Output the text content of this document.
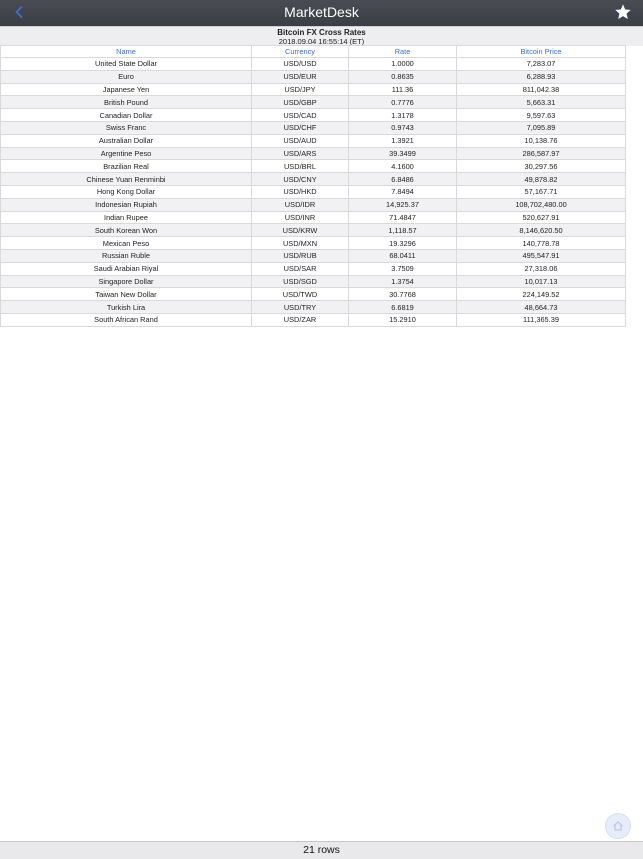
MarketDesk
Bitcoin FX Cross Rates
2018.09.04 16:55:14 (ET)
Name	Currency	Rate	Bitcoin Price
United State Dollar	USD/USD	1.0000	7,283.07
Euro	USD/EUR	0.8635	6,288.93
Japanese Yen	USD/JPY	111.36	811,042.38
British Pound	USD/GBP	0.7776	5,663.31
Canadian Dollar	USD/CAD	1.3178	9,597.63
Swiss Franc	USD/CHF	0.9743	7,095.89
Australian Dollar	USD/AUD	1.3921	10,138.76
Argentine Peso	USD/ARS	39.3499	286,587.97
Brazilian Real	USD/BRL	4.1600	30,297.56
Chinese Yuan Renminbi	USD/CNY	6.8486	49,878.82
Hong Kong Dollar	USD/HKD	7.8494	57,167.71
Indonesian Rupiah	USD/IDR	14,925.37	108,702,480.00
Indian Rupee	USD/INR	71.4847	520,627.91
South Korean Won	USD/KRW	1,118.57	8,146,620.50
Mexican Peso	USD/MXN	19.3296	140,778.78
Russian Ruble	USD/RUB	68.0411	495,547.91
Saudi Arabian Riyal	USD/SAR	3.7509	27,318.06
Singapore Dollar	USD/SGD	1.3754	10,017.13
Taiwan New Dollar	USD/TWD	30.7768	224,149.52
Turkish Lira	USD/TRY	6.6819	48,664.73
South African Rand	USD/ZAR	15.2910	111,365.39
21 rows
